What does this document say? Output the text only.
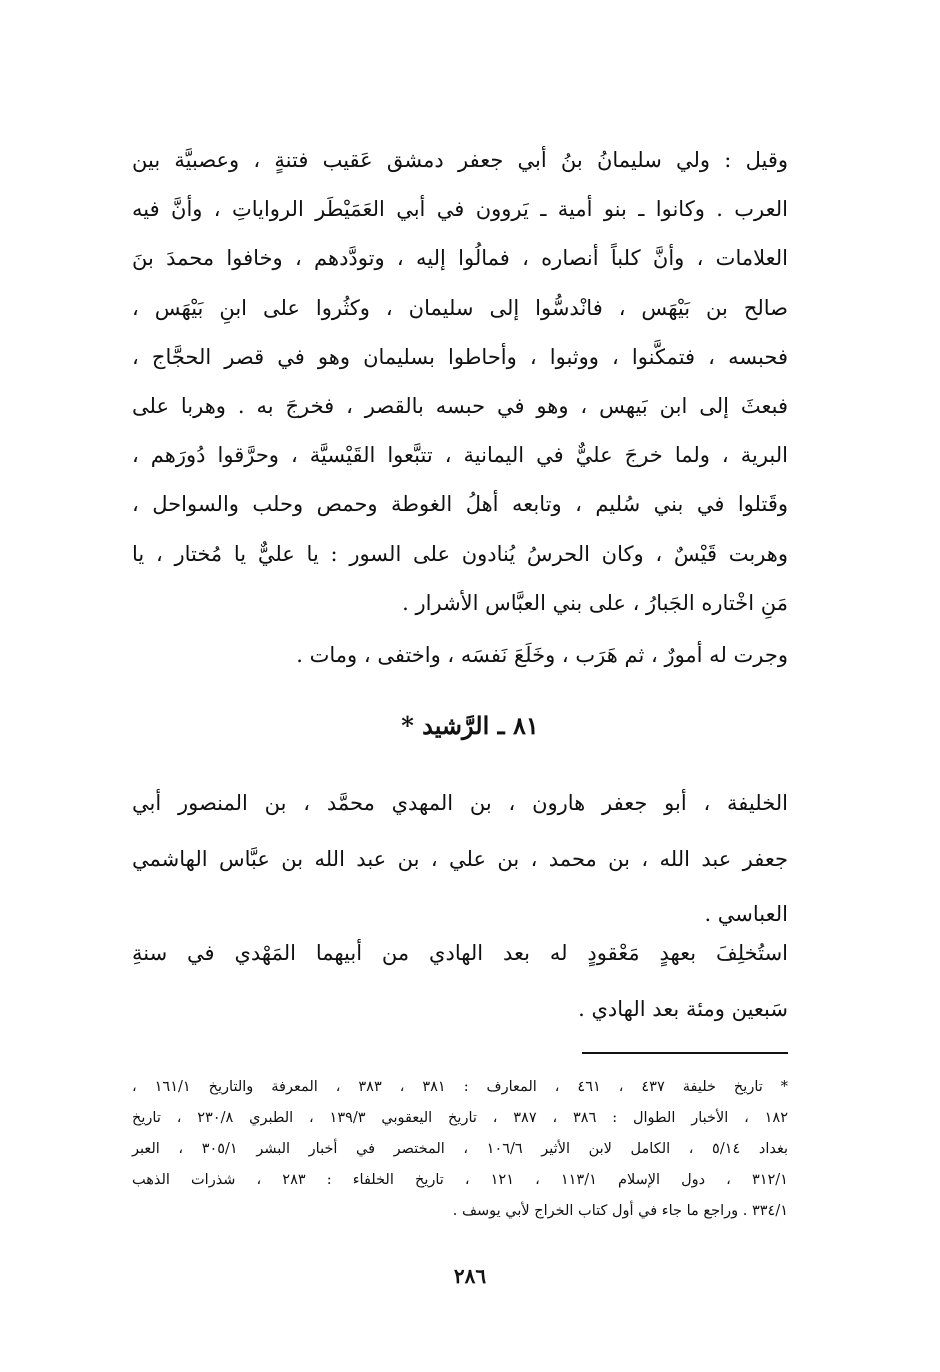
وقيل : ولي سليمانُ بنُ أبي جعفر دمشق عَقيب فتنةٍ ، وعصبيَّة بين
العرب . وكانوا ـ بنو أمية ـ يَروون في أبي العَمَيْطَر الرواياتِ ، وأنَّ فيه
العلامات ، وأنَّ كلباً أنصاره ، فمالُوا إليه ، وتودَّدهم ، وخافوا محمدَ بنَ
صالح بن بَيْهَس ، فانْدسُّوا إلى سليمان ، وكثُروا على ابنِ بَيْهَس ،
فحبسه ، فتمكَّنوا ، ووثبوا ، وأحاطوا بسليمان وهو في قصر الحجَّاج ،
فبعثَ إلى ابن بَيهس ، وهو في حبسه بالقصر ، فخرجَ به . وهربا على
البرية ، ولما خرجَ عليٌّ في اليمانية ، تتبَّعوا القَيْسيَّة ، وحرَّقوا دُورَهم ،
وقَتلوا في بني سُليم ، وتابعه أهلُ الغوطة وحمص وحلب والسواحل ،
وهربت قَيْسٌ ، وكان الحرسُ يُنادون على السور : يا عليٌّ يا مُختار ، يا
مَنِ اخْتاره الجَبارُ ، على بني العبَّاس الأشرار .
وجرت له أمورٌ ، ثم هَرَب ، وخَلَعَ نَفسَه ، واختفى ، ومات .
٨١ ـ الرَّشيد *
الخليفة ، أبو جعفر هارون ، بن المهدي محمَّد ، بن المنصور أبي
جعفر عبد الله ، بن محمد ، بن علي ، بن عبد الله بن عبَّاس الهاشمي
العباسي .
استُخلِفَ بعهدٍ مَعْقودٍ له بعد الهادي من أبيهما المَهْدي في سنةِ
سَبعين ومئة بعد الهادي .
* تاريخ خليفة ٤٣٧ ، ٤٦١ ، المعارف : ٣٨١ ، ٣٨٣ ، المعرفة والتاريخ ١٦١/١ ،
١٨٢ ، الأخبار الطوال : ٣٨٦ ، ٣٨٧ ، تاريخ اليعقوبي ١٣٩/٣ ، الطبري ٢٣٠/٨ ، تاريخ
بغداد ٥/١٤ ، الكامل لابن الأثير ١٠٦/٦ ، المختصر في أخبار البشر ٣٠٥/١ ، العبر
٣١٢/١ ، دول الإسلام ١١٣/١ ، ١٢١ ، تاريخ الخلفاء : ٢٨٣ ، شذرات الذهب
٣٣٤/١ . وراجع ما جاء في أول كتاب الخراج لأبي يوسف .
٢٨٦
